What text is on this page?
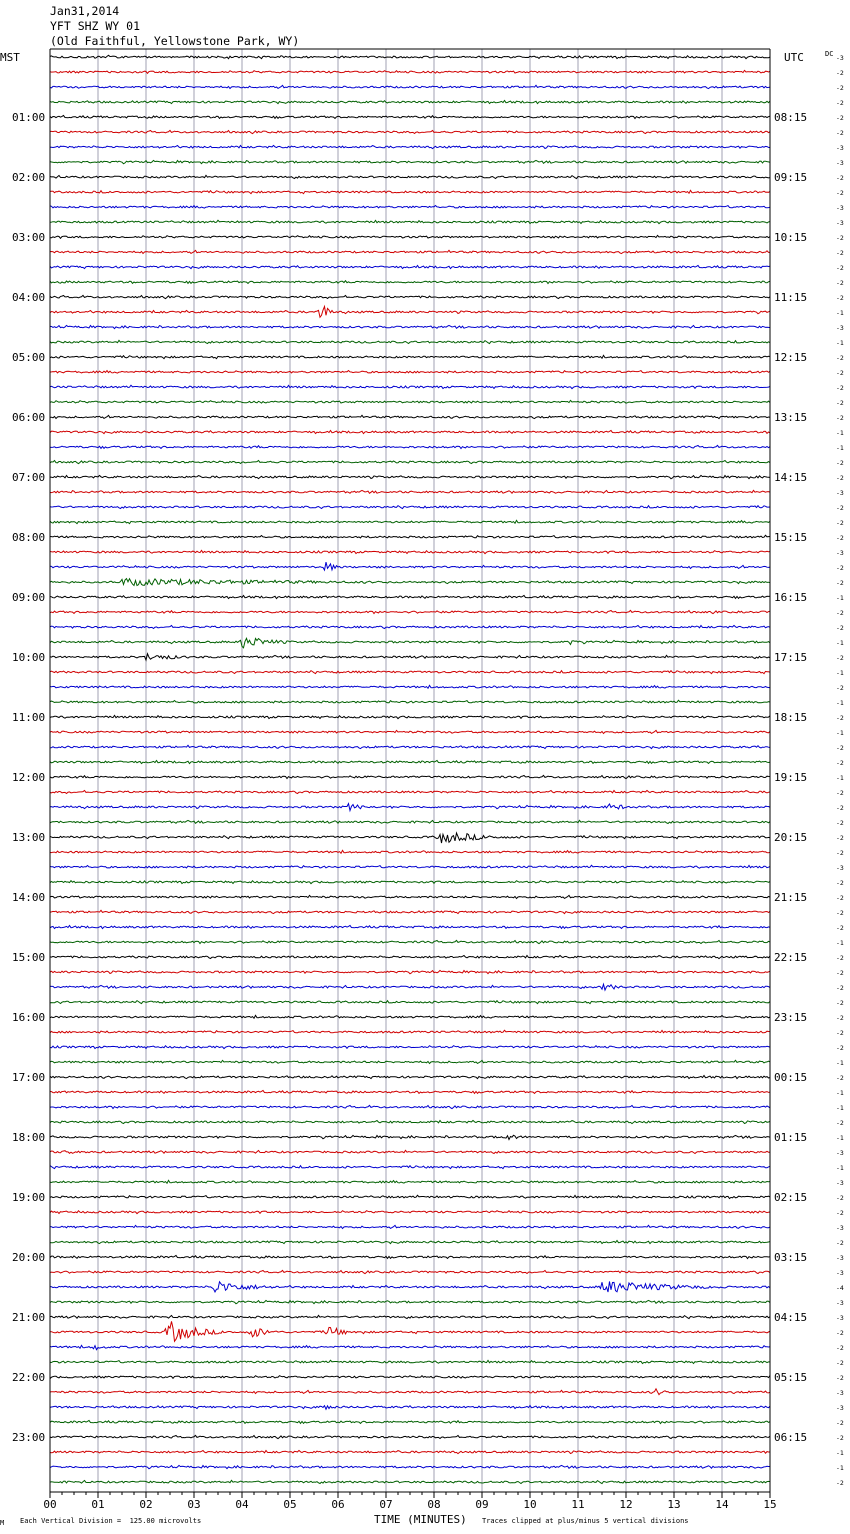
Jan31,2014
YFT SHZ WY 01
(Old Faithful, Yellowstone Park, WY)
MST	UTC	DC
00	01	02	03	04	05	06	07	08	09	10	11	12	13	14	15
01:00
02:00
03:00
04:00
05:00
06:00
07:00
08:00
09:00
10:00
11:00
12:00
13:00
14:00
15:00
16:00
17:00
18:00
19:00
20:00
21:00
22:00
23:00
08:15
09:15
10:15
11:15
12:15
13:15
14:15
15:15
16:15
17:15
18:15
19:15
20:15
21:15
22:15
23:15
00:15
01:15
02:15
03:15
04:15
05:15
06:15
-3
-2
-2
-2
-2
-2
-3
-3
-2
-2
-3
-3
-2
-2
-2
-2
-2
-1
-3
-1
-2
-2
-2
-2
-2
-1
-1
-2
-2
-3
-2
-2
-2
-3
-2
-2
-1
-2
-2
-1
-2
-1
-2
-1
-2
-1
-2
-2
-1
-2
-2
-2
-2
-2
-3
-2
-2
-2
-2
-1
-2
-2
-2
-2
-2
-2
-2
-1
-2
-1
-1
-2
-1
-3
-1
-3
-2
-2
-3
-2
-3
-3
-4
-3
-3
-2
-2
-2
-2
-3
-3
-2
-2
-1
-1
-2
M Each Vertical Division =  125.00 microvolts	TIME (MINUTES) Traces clipped at plus/minus 5 vertical divisions
